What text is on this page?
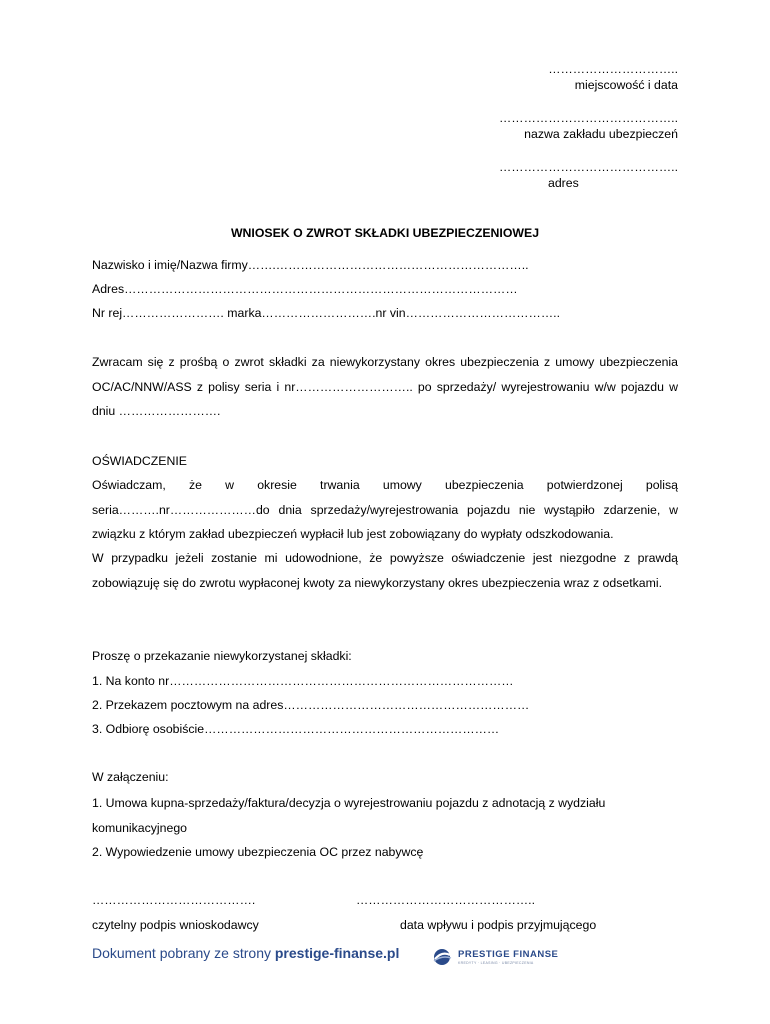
…………………………..
miejscowość i data
……………………………………..
nazwa zakładu ubezpieczeń
……………………………………..
adres
WNIOSEK O ZWROT SKŁADKI UBEZPIECZENIOWEJ
Nazwisko i imię/Nazwa firmy…….……………………………………………………..
Adres……………………………………………………………………………………
Nr rej……………………. marka……………………….nr vin………………………………..
Zwracam się z prośbą o zwrot składki za niewykorzystany okres ubezpieczenia z umowy ubezpieczenia OC/AC/NNW/ASS z polisy seria i nr……………………….. po sprzedaży/ wyrejestrowaniu w/w pojazdu w dniu …………………….
OŚWIADCZENIE
Oświadczam, że w okresie trwania umowy ubezpieczenia potwierdzonej polisą seria……….nr…………………do dnia sprzedaży/wyrejestrowania pojazdu nie wystąpiło zdarzenie, w związku z którym zakład ubezpieczeń wypłacił lub jest zobowiązany do wypłaty odszkodowania.
W przypadku jeżeli zostanie mi udowodnione, że powyższe oświadczenie jest niezgodne z prawdą zobowiązuję się do zwrotu wypłaconej kwoty za niewykorzystany okres ubezpieczenia wraz z odsetkami.
Proszę o przekazanie niewykorzystanej składki:
1. Na konto nr…………………………………………………………………………
2. Przekazem pocztowym na adres……………………………………………………
3. Odbiorę osobiście………………………………………………………………
W załączeniu:
1. Umowa kupna-sprzedaży/faktura/decyzja o wyrejestrowaniu pojazdu z adnotacją z wydziału komunikacyjnego
2. Wypowiedzenie umowy ubezpieczenia OC przez nabywcę
………………………………….	……………………………………..
czytelny podpis wnioskodawcy	data wpływu i podpis przyjmującego
Dokument pobrany ze strony prestige-finanse.pl	PRESTIGE FINANSE
KREDYTY · LEASING · UBEZPIECZENIA
